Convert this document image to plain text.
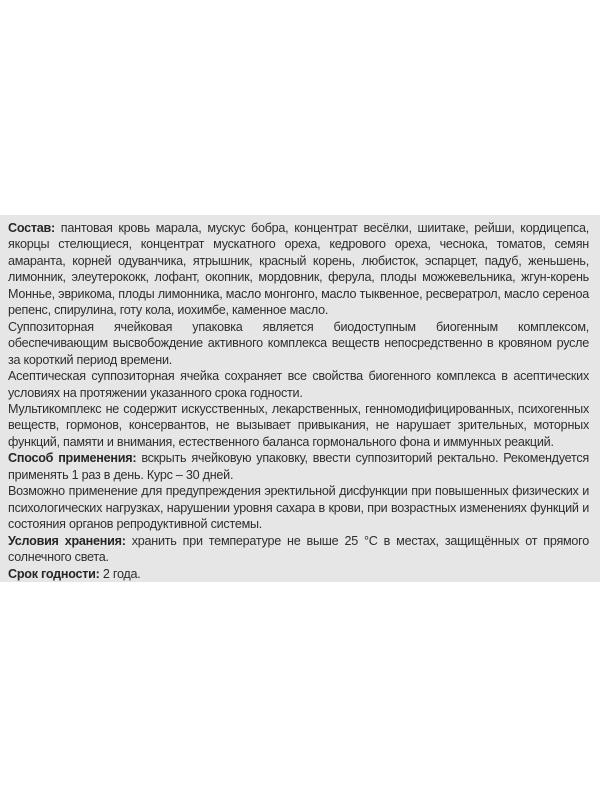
Состав: пантовая кровь марала, мускус бобра, концентрат весёлки, шиитаке, рейши, кордицепса, якорцы стелющиеся, концентрат мускатного ореха, кедрового ореха, чеснока, томатов, семян амаранта, корней одуванчика, ятрышник, красный корень, любисток, эспарцет, падуб, женьшень, лимонник, элеутерококк, лофант, окопник, мордовник, ферула, плоды можжевельника, жгун-корень Моннье, эврикома, плоды лимонника, масло монгонго, масло тыквенное, ресвератрол, масло сереноа репенс, спирулина, готу кола, иохимбе, каменное масло.

Суппозиторная ячейковая упаковка является биодоступным биогенным комплексом, обеспечивающим высвобождение активного комплекса веществ непосредственно в кровяном русле за короткий период времени.

Асептическая суппозиторная ячейка сохраняет все свойства биогенного комплекса в асептических условиях на протяжении указанного срока годности.

Мультикомплекс не содержит искусственных, лекарственных, генномодифицированных, психогенных веществ, гормонов, консервантов, не вызывает привыкания, не нарушает зрительных, моторных функций, памяти и внимания, естественного баланса гормонального фона и иммунных реакций.

Способ применения: вскрыть ячейковую упаковку, ввести суппозиторий ректально. Рекомендуется применять 1 раз в день. Курс – 30 дней.

Возможно применение для предупреждения эректильной дисфункции при повышенных физических и психологических нагрузках, нарушении уровня сахара в крови, при возрастных изменениях функций и состояния органов репродуктивной системы.

Условия хранения: хранить при температуре не выше 25 °С в местах, защищённых от прямого солнечного света.

Срок годности: 2 года.
